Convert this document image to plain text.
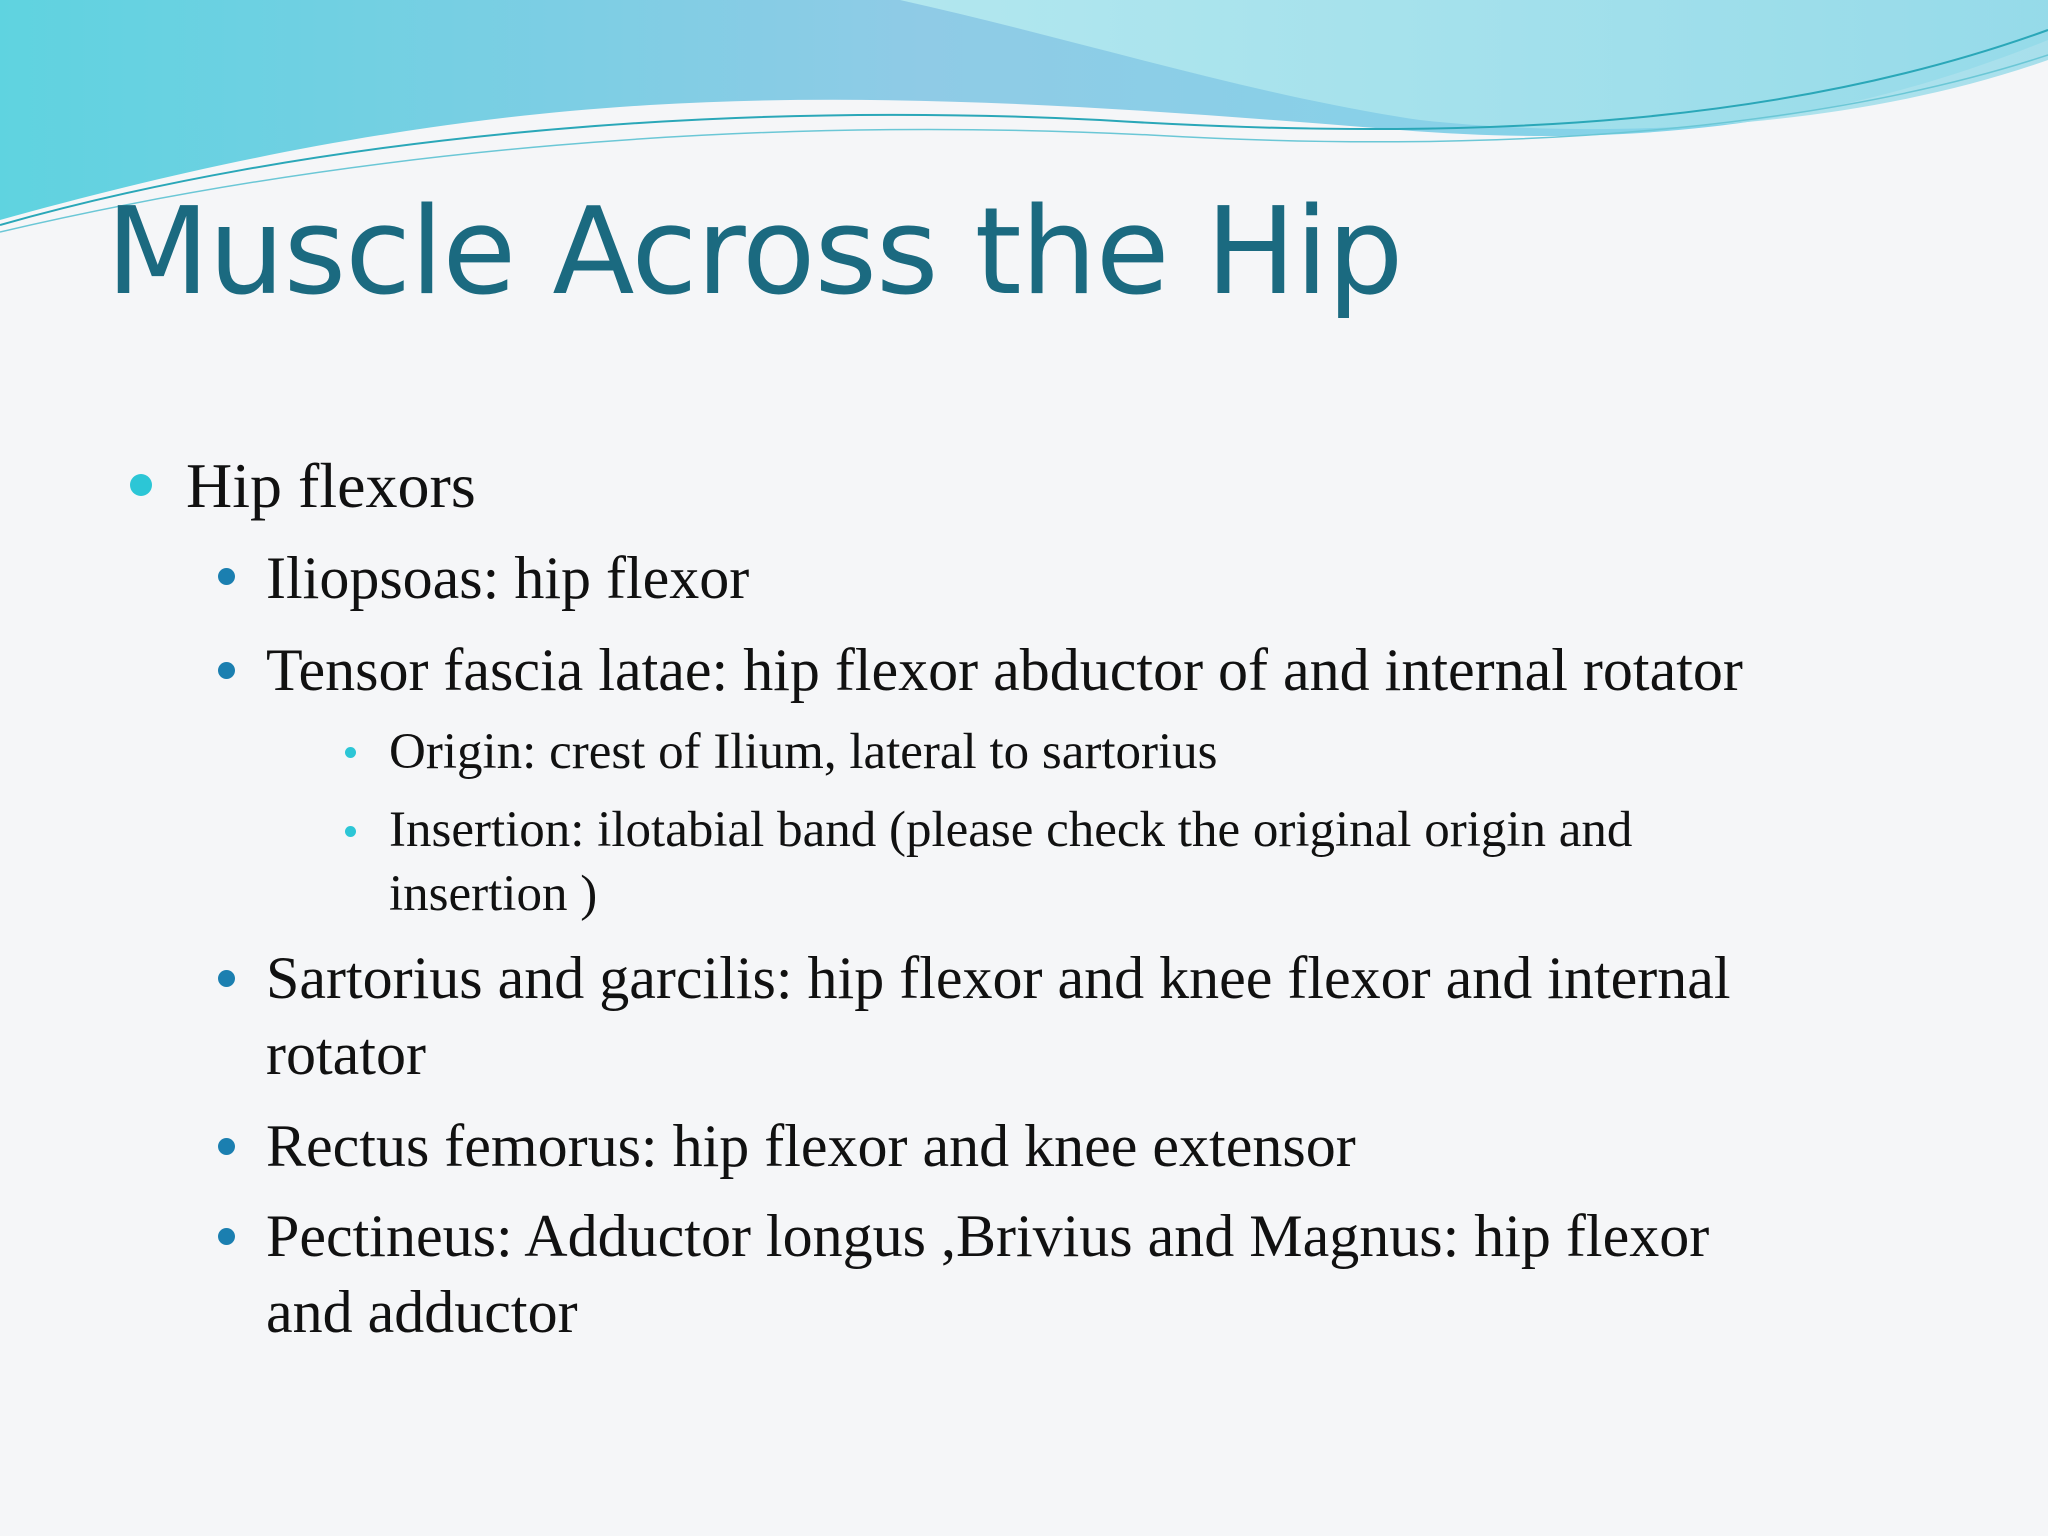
Muscle Across the Hip
Hip flexors
Iliopsoas: hip flexor
Tensor fascia latae: hip flexor abductor of and internal rotator
Origin: crest of Ilium, lateral to sartorius
Insertion: ilotabial band (please check the original origin and
insertion )
Sartorius and garcilis: hip flexor and knee flexor and internal
rotator
Rectus femorus: hip flexor and knee extensor
Pectineus: Adductor longus ,Brivius and Magnus: hip flexor
and adductor
